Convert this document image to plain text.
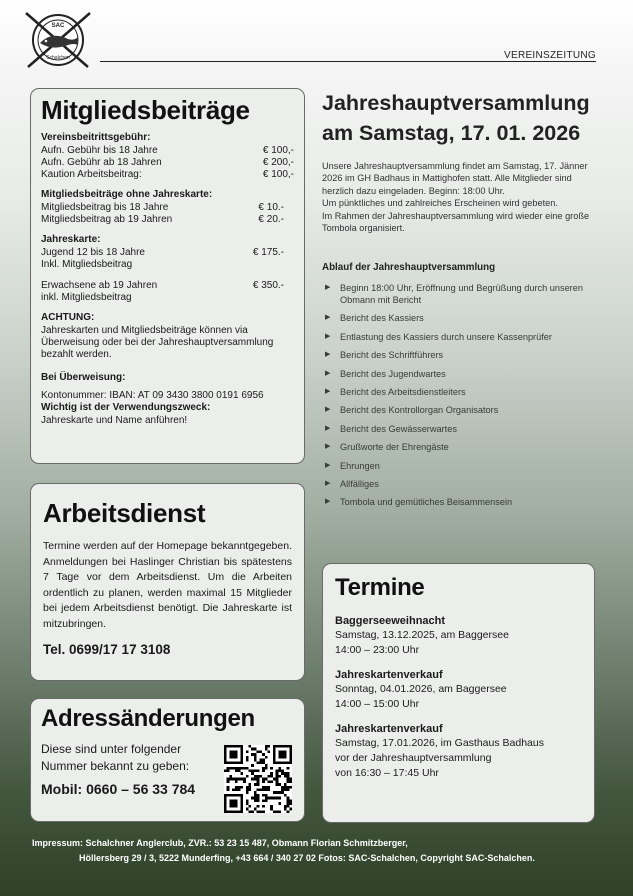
SAC
Schalchen	VEREINSZEITUNG
Mitgliedsbeiträge
Vereinsbeitrittsgebühr:
Aufn. Gebühr bis 18 Jahre	€ 100,-
Aufn. Gebühr ab 18 Jahren	€ 200,-
Kaution Arbeitsbeitrag:	€ 100,-
Mitgliedsbeiträge ohne Jahreskarte:
Mitgliedsbeitrag bis 18 Jahre	€ 10.-
Mitgliedsbeitrag ab 19 Jahren	€ 20.-
Jahreskarte:
Jugend 12 bis 18 Jahre	€ 175.-
Inkl. Mitgliedsbeitrag
Erwachsene ab 19 Jahren	€ 350.-
inkl. Mitgliedsbeitrag
ACHTUNG:
Jahreskarten und Mitgliedsbeiträge können via Überweisung oder bei der Jahreshauptversammlung bezahlt werden.
Bei Überweisung:
Kontonummer: IBAN: AT 09 3430 3800 0191 6956
Wichtig ist der Verwendungszweck:
Jahreskarte und Name anführen!
Arbeitsdienst
Termine werden auf der Homepage bekanntgegeben. Anmeldungen bei Haslinger Christian bis spätestens 7 Tage vor dem Arbeitsdienst. Um die Arbeiten ordentlich zu planen, werden maximal 15 Mitglieder bei jedem Arbeitsdienst benötigt. Die Jahreskarte ist mitzubringen.
Tel. 0699/17 17 3108
Adressänderungen
Diese sind unter folgender Nummer bekannt zu geben:
Mobil: 0660 – 56 33 784
Jahreshauptversammlung
am Samstag, 17. 01. 2026
Unsere Jahreshauptversammlung findet am Samstag, 17. Jänner 2026 im GH Badhaus in Mattighofen statt. Alle Mitglieder sind herzlich dazu eingeladen. Beginn: 18:00 Uhr.
Um pünktliches und zahlreiches Erscheinen wird gebeten.
Im Rahmen der Jahreshauptversammlung wird wieder eine große Tombola organisiert.
Ablauf der Jahreshauptversammlung
▶	Beginn 18:00 Uhr, Eröffnung und Begrüßung durch unseren Obmann mit Bericht
▶	Bericht des Kassiers
▶	Entlastung des Kassiers durch unsere Kassenprüfer
▶	Bericht des Schriftführers
▶	Bericht des Jugendwartes
▶	Bericht des Arbeitsdienstleiters
▶	Bericht des Kontrollorgan Organisators
▶	Bericht des Gewässerwartes
▶	Grußworte der Ehrengäste
▶	Ehrungen
▶	Allfälliges
▶	Tombola und gemütliches Beisammensein
Termine
Baggerseeweihnacht
Samstag, 13.12.2025, am Baggersee
14:00 – 23:00 Uhr
Jahreskartenverkauf
Sonntag, 04.01.2026, am Baggersee
14:00 – 15:00 Uhr
Jahreskartenverkauf
Samstag, 17.01.2026, im Gasthaus Badhaus
vor der Jahreshauptversammlung
von 16:30 – 17:45 Uhr
Impressum: Schalchner Anglerclub, ZVR.: 53 23 15 487, Obmann Florian Schmitzberger,
Höllersberg 29 / 3, 5222 Munderfing, +43 664 / 340 27 02 Fotos: SAC-Schalchen, Copyright SAC-Schalchen.
